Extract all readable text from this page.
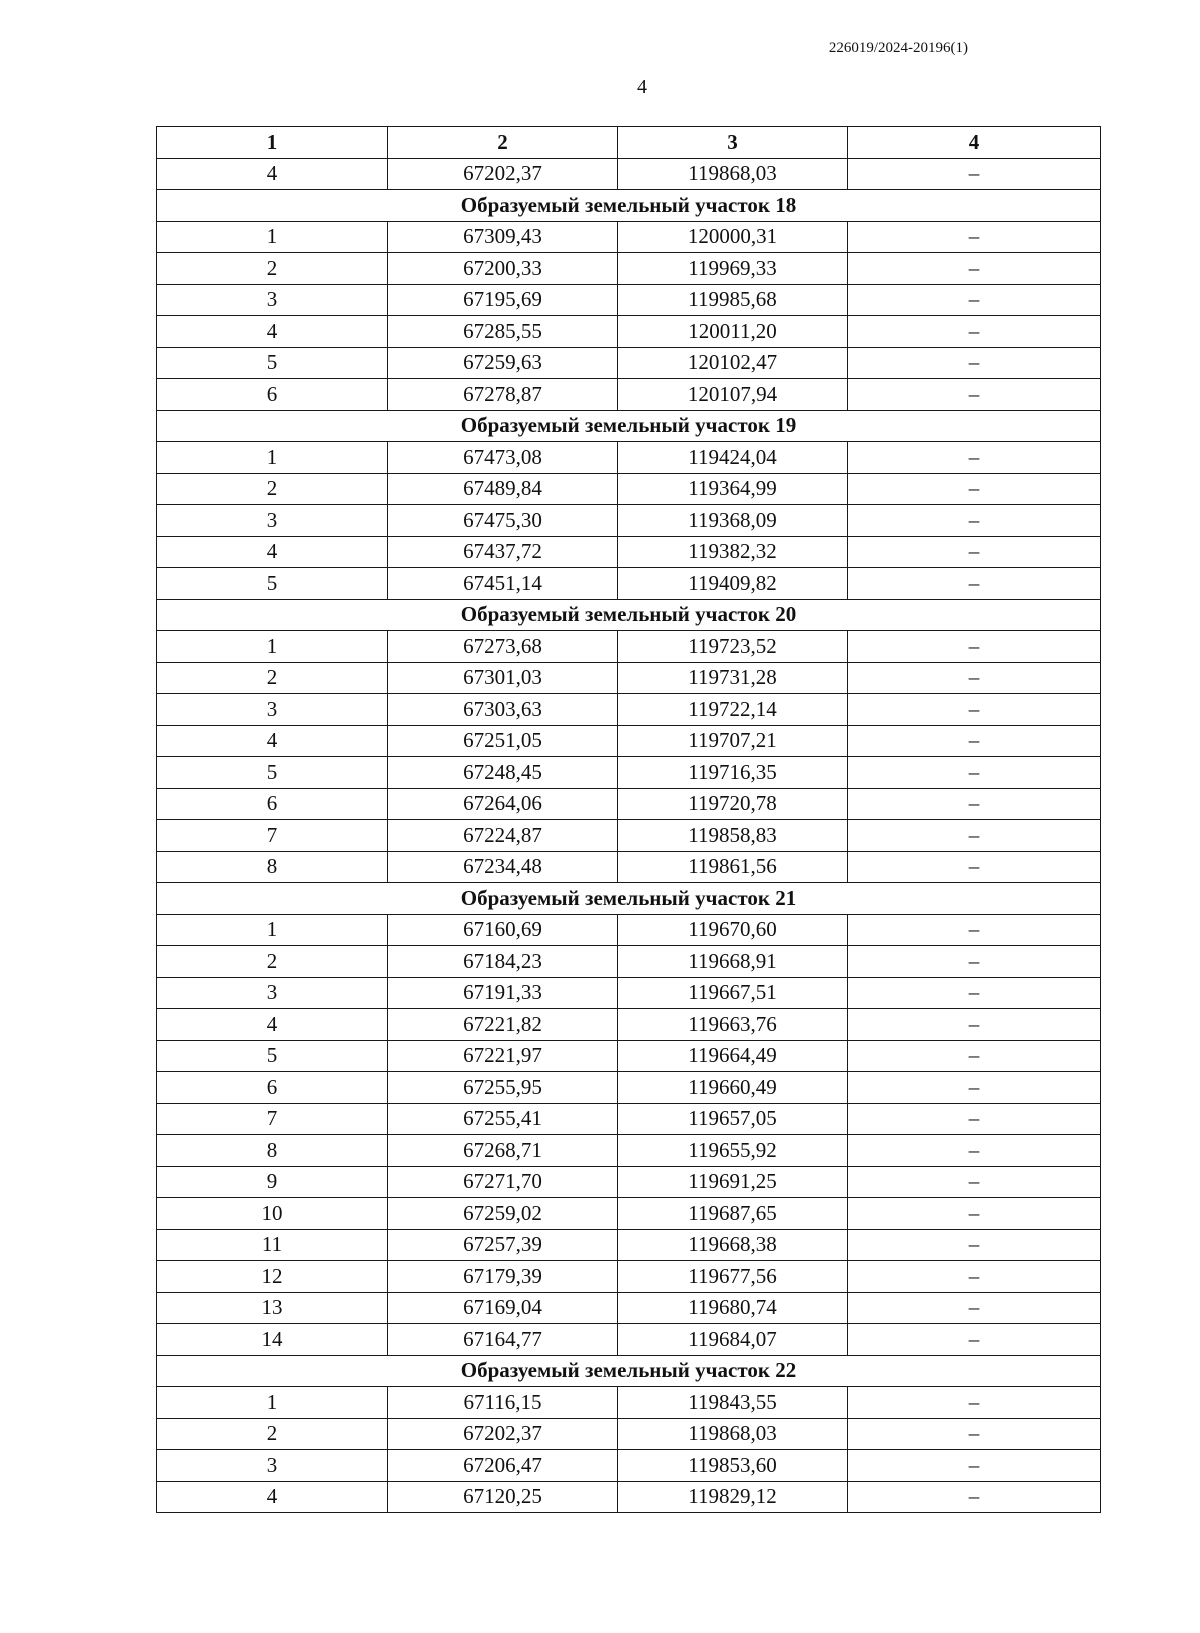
226019/2024-20196(1)
4
1	2	3	4
4	67202,37	119868,03	–
Образуемый земельный участок 18			
1	67309,43	120000,31	–
2	67200,33	119969,33	–
3	67195,69	119985,68	–
4	67285,55	120011,20	–
5	67259,63	120102,47	–
6	67278,87	120107,94	–
Образуемый земельный участок 19			
1	67473,08	119424,04	–
2	67489,84	119364,99	–
3	67475,30	119368,09	–
4	67437,72	119382,32	–
5	67451,14	119409,82	–
Образуемый земельный участок 20			
1	67273,68	119723,52	–
2	67301,03	119731,28	–
3	67303,63	119722,14	–
4	67251,05	119707,21	–
5	67248,45	119716,35	–
6	67264,06	119720,78	–
7	67224,87	119858,83	–
8	67234,48	119861,56	–
Образуемый земельный участок 21			
1	67160,69	119670,60	–
2	67184,23	119668,91	–
3	67191,33	119667,51	–
4	67221,82	119663,76	–
5	67221,97	119664,49	–
6	67255,95	119660,49	–
7	67255,41	119657,05	–
8	67268,71	119655,92	–
9	67271,70	119691,25	–
10	67259,02	119687,65	–
11	67257,39	119668,38	–
12	67179,39	119677,56	–
13	67169,04	119680,74	–
14	67164,77	119684,07	–
Образуемый земельный участок 22			
1	67116,15	119843,55	–
2	67202,37	119868,03	–
3	67206,47	119853,60	–
4	67120,25	119829,12	–
